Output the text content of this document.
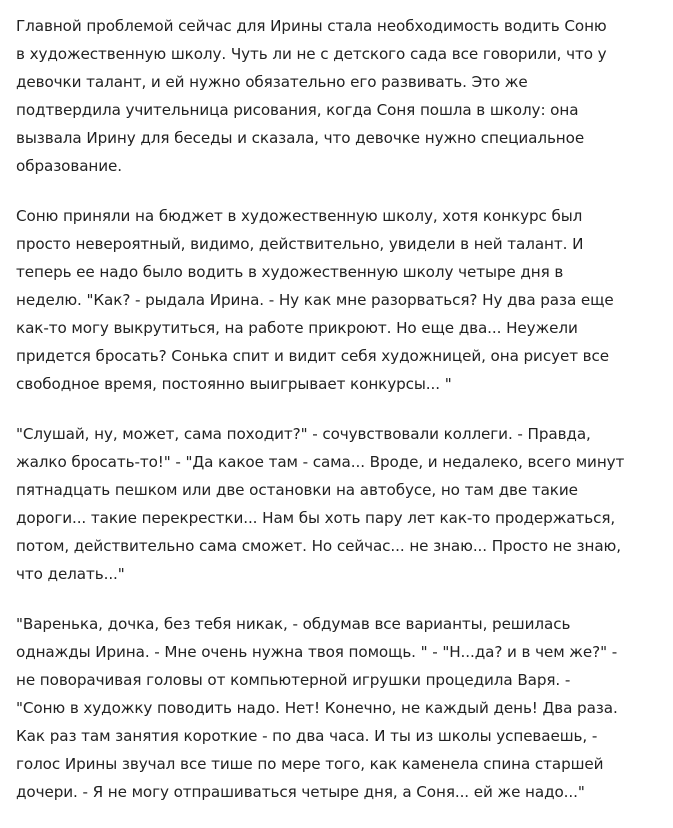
Главной проблемой сейчас для Ирины стала необходимость водить Соню
в художественную школу. Чуть ли не с детского сада все говорили, что у
девочки талант, и ей нужно обязательно его развивать. Это же
подтвердила учительница рисования, когда Соня пошла в школу: она
вызвала Ирину для беседы и сказала, что девочке нужно специальное
образование.
Соню приняли на бюджет в художественную школу, хотя конкурс был
просто невероятный, видимо, действительно, увидели в ней талант. И
теперь ее надо было водить в художественную школу четыре дня в
неделю. "Как? - рыдала Ирина. - Ну как мне разорваться? Ну два раза еще
как-то могу выкрутиться, на работе прикроют. Но еще два... Неужели
придется бросать? Сонька спит и видит себя художницей, она рисует все
свободное время, постоянно выигрывает конкурсы... "
"Слушай, ну, может, сама походит?" - сочувствовали коллеги. - Правда,
жалко бросать-то!" - "Да какое там - сама... Вроде, и недалеко, всего минут
пятнадцать пешком или две остановки на автобусе, но там две такие
дороги... такие перекрестки... Нам бы хоть пару лет как-то продержаться,
потом, действительно сама сможет. Но сейчас... не знаю... Просто не знаю,
что делать..."
"Варенька, дочка, без тебя никак, - обдумав все варианты, решилась
однажды Ирина. - Мне очень нужна твоя помощь. " - "Н...да? и в чем же?" -
не поворачивая головы от компьютерной игрушки процедила Варя. -
"Соню в художку поводить надо. Нет! Конечно, не каждый день! Два раза.
Как раз там занятия короткие - по два часа. И ты из школы успеваешь, -
голос Ирины звучал все тише по мере того, как каменела спина старшей
дочери. - Я не могу отпрашиваться четыре дня, а Соня... ей же надо..."
